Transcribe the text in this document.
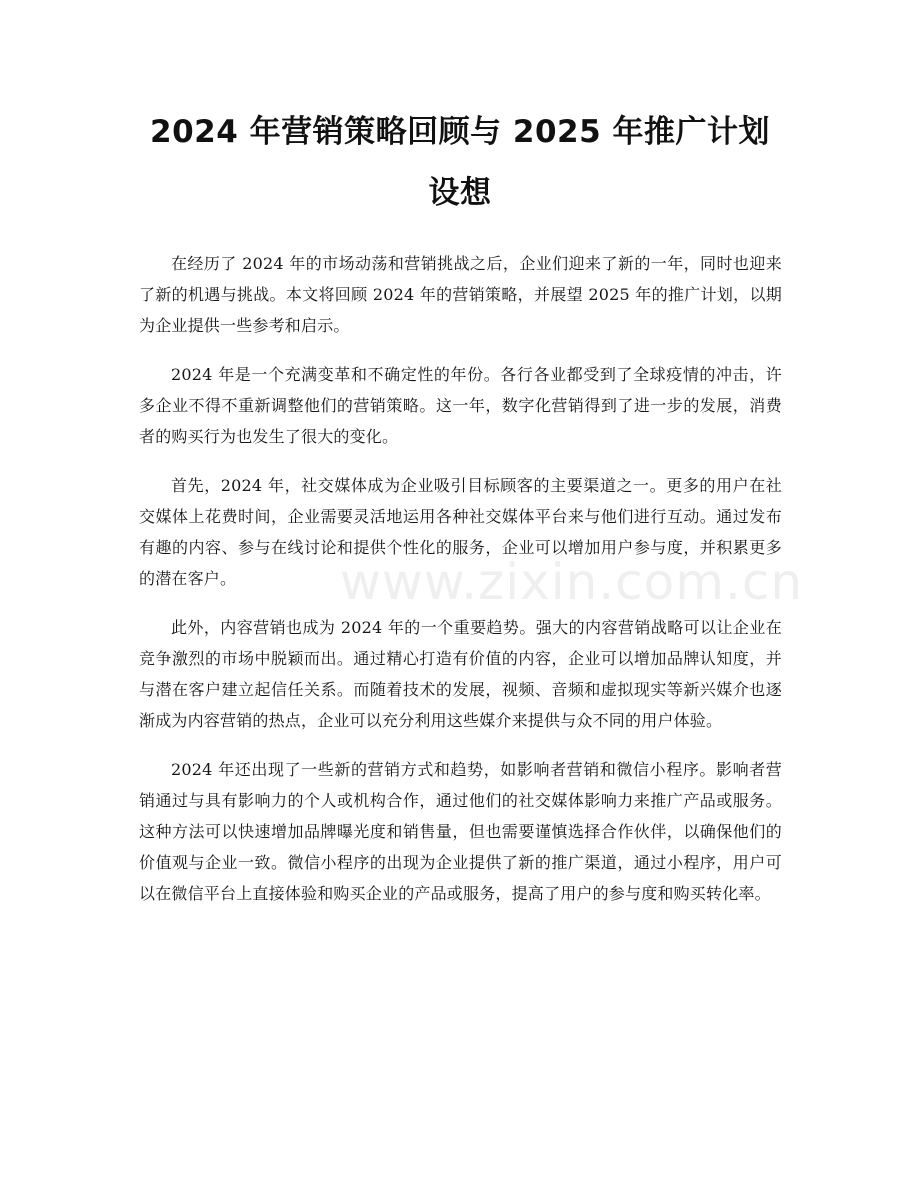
2024 年营销策略回顾与 2025 年推广计划设想

在经历了 2024 年的市场动荡和营销挑战之后，企业们迎来了新的一年，同时也迎来了新的机遇与挑战。本文将回顾 2024 年的营销策略，并展望 2025 年的推广计划，以期为企业提供一些参考和启示。

2024 年是一个充满变革和不确定性的年份。各行各业都受到了全球疫情的冲击，许多企业不得不重新调整他们的营销策略。这一年，数字化营销得到了进一步的发展，消费者的购买行为也发生了很大的变化。

首先，2024 年，社交媒体成为企业吸引目标顾客的主要渠道之一。更多的用户在社交媒体上花费时间，企业需要灵活地运用各种社交媒体平台来与他们进行互动。通过发布有趣的内容、参与在线讨论和提供个性化的服务，企业可以增加用户参与度，并积累更多的潜在客户。

此外，内容营销也成为 2024 年的一个重要趋势。强大的内容营销战略可以让企业在竞争激烈的市场中脱颖而出。通过精心打造有价值的内容，企业可以增加品牌认知度，并与潜在客户建立起信任关系。而随着技术的发展，视频、音频和虚拟现实等新兴媒介也逐渐成为内容营销的热点，企业可以充分利用这些媒介来提供与众不同的用户体验。

2024 年还出现了一些新的营销方式和趋势，如影响者营销和微信小程序。影响者营销通过与具有影响力的个人或机构合作，通过他们的社交媒体影响力来推广产品或服务。这种方法可以快速增加品牌曝光度和销售量，但也需要谨慎选择合作伙伴，以确保他们的价值观与企业一致。微信小程序的出现为企业提供了新的推广渠道，通过小程序，用户可以在微信平台上直接体验和购买企业的产品或服务，提高了用户的参与度和购买转化率。

www.zixin.com.cn
